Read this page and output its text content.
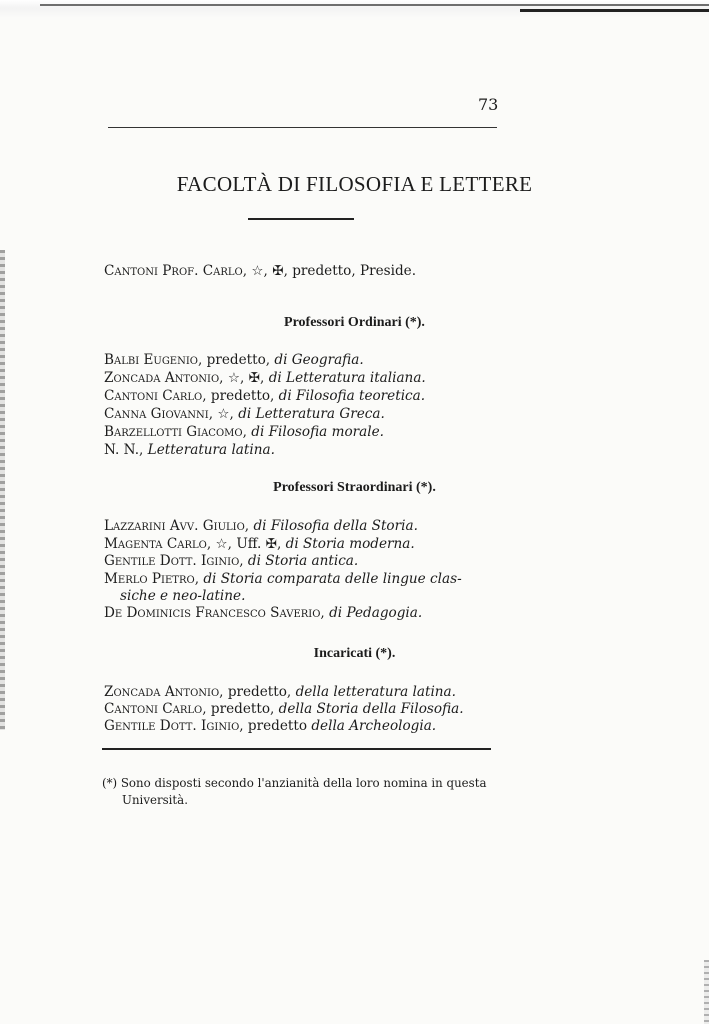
73
FACOLTÀ DI FILOSOFIA E LETTERE
Cantoni Prof. Carlo, ☆, ✠, predetto, Preside.
Professori Ordinari (*).
Balbi Eugenio, predetto, di Geografia.
Zoncada Antonio, ☆, ✠, di Letteratura italiana.
Cantoni Carlo, predetto, di Filosofia teoretica.
Canna Giovanni, ☆, di Letteratura Greca.
Barzellotti Giacomo, di Filosofia morale.
N. N., Letteratura latina.
Professori Straordinari (*).
Lazzarini Avv. Giulio, di Filosofia della Storia.
Magenta Carlo, ☆, Uff. ✠, di Storia moderna.
Gentile Dott. Iginio, di Storia antica.
Merlo Pietro, di Storia comparata delle lingue clas-
siche e neo-latine.
De Dominicis Francesco Saverio, di Pedagogia.
Incaricati (*).
Zoncada Antonio, predetto, della letteratura latina.
Cantoni Carlo, predetto, della Storia della Filosofia.
Gentile Dott. Iginio, predetto della Archeologia.
(*) Sono disposti secondo l'anzianità della loro nomina in questa
Università.
